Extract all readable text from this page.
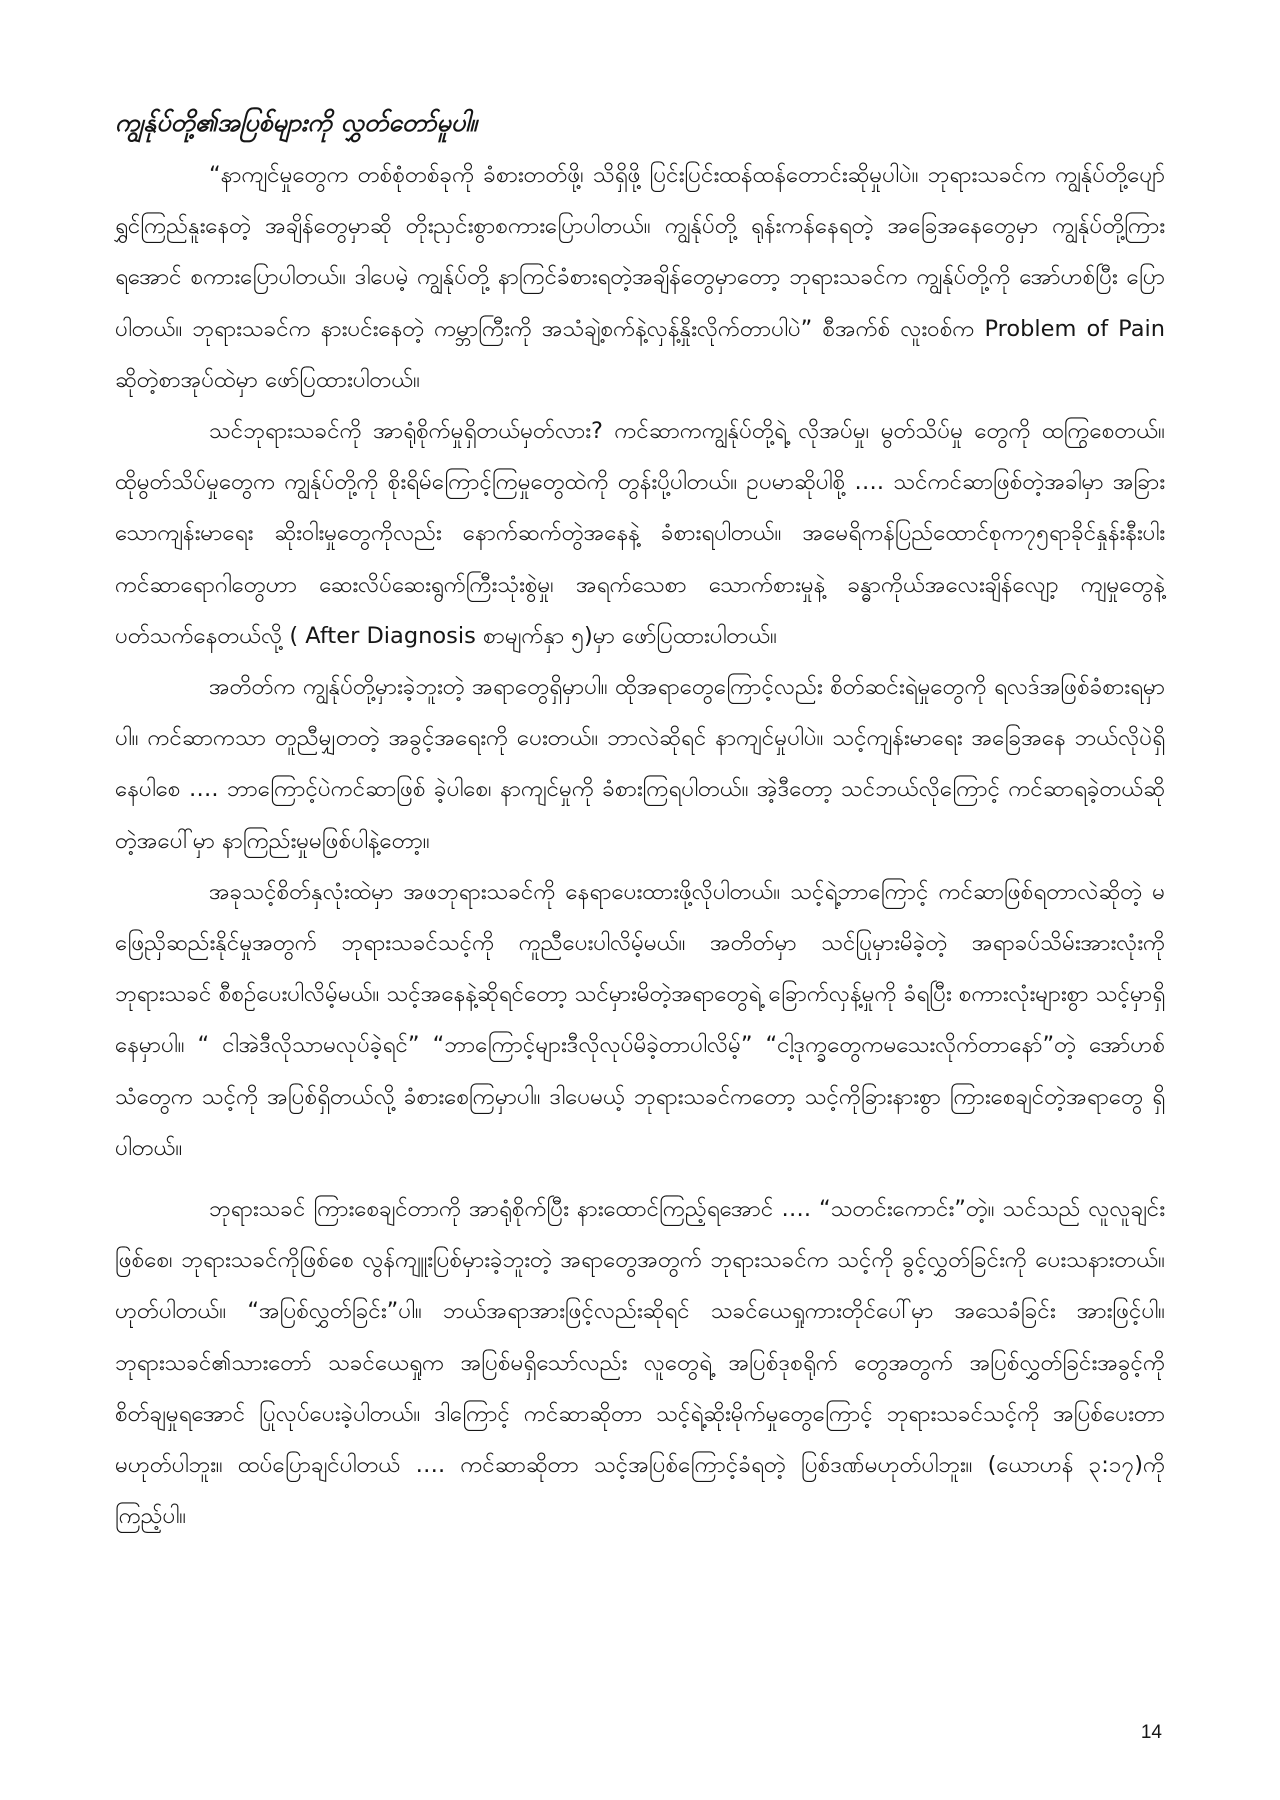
ကျွန်ုပ်တို့၏အပြစ်များကို လွှတ်တော်မူပါ။

“နာကျင်မှုတွေက တစ်စုံတစ်ခုကို ခံစားတတ်ဖို့၊ သိရှိဖို့ ပြင်းပြင်းထန်ထန်တောင်းဆိုမှုပါပဲ။ ဘုရားသခင်က ကျွန်ုပ်တို့ပျော်ရွှင်ကြည်နူးနေတဲ့ အချိန်တွေမှာဆို တိုးညှင်းစွာစကားပြောပါတယ်။ ကျွန်ုပ်တို့ ရုန်းကန်နေရတဲ့ အခြေအနေတွေမှာ ကျွန်ုပ်တို့ကြားရအောင် စကားပြောပါတယ်။ ဒါပေမဲ့ ကျွန်ုပ်တို့ နာကြင်ခံစားရတဲ့အချိန်တွေမှာတော့ ဘုရားသခင်က ကျွန်ုပ်တို့ကို အော်ဟစ်ပြီး ပြောပါတယ်။ ဘုရားသခင်က နားပင်းနေတဲ့ ကမ္ဘာကြီးကို အသံချဲ့စက်နဲ့လှန့်နှိုးလိုက်တာပါပဲ” စီအက်စ် လူးဝစ်က Problem of Pain ဆိုတဲ့စာအုပ်ထဲမှာ ဖော်ပြထားပါတယ်။

သင်ဘုရားသခင်ကို အာရုံစိုက်မှုရှိတယ်မှတ်လား? ကင်ဆာကကျွန်ုပ်တို့ရဲ့ လိုအပ်မှု၊ မွတ်သိပ်မှု တွေကို ထကြွစေတယ်။ ထိုမွတ်သိပ်မှုတွေက ကျွန်ုပ်တို့ကို စိုးရိမ်ကြောင့်ကြမှုတွေထဲကို တွန်းပို့ပါတယ်။ ဥပမာဆိုပါစို့ …. သင်ကင်ဆာဖြစ်တဲ့အခါမှာ အခြားသောကျန်းမာရေး ဆိုးဝါးမှုတွေကိုလည်း နောက်ဆက်တွဲအနေနဲ့ ခံစားရပါတယ်။ အမေရိကန်ပြည်ထောင်စုက၇၅ရာခိုင်နှုန်းနီးပါးကင်ဆာရောဂါတွေဟာ ဆေးလိပ်ဆေးရွက်ကြီးသုံးစွဲမှု၊ အရက်သေစာ သောက်စားမှုနဲ့ ခန္ဓာကိုယ်အလေးချိန်လျော့ ကျမှုတွေနဲ့ ပတ်သက်နေတယ်လို့ ( After Diagnosis စာမျက်နှာ ၅)မှာ ဖော်ပြထားပါတယ်။

အတိတ်က ကျွန်ုပ်တို့မှားခဲ့ဘူးတဲ့ အရာတွေရှိမှာပါ။ ထိုအရာတွေကြောင့်လည်း စိတ်ဆင်းရဲမှုတွေကို ရလဒ်အဖြစ်ခံစားရမှာပါ။ ကင်ဆာကသာ တူညီမျှတတဲ့ အခွင့်အရေးကို ပေးတယ်။ ဘာလဲဆိုရင် နာကျင်မှုပါပဲ။ သင့်ကျန်းမာရေး အခြေအနေ ဘယ်လိုပဲရှိနေပါစေ …. ဘာကြောင့်ပဲကင်ဆာဖြစ် ခဲ့ပါစေ၊ နာကျင်မှုကို ခံစားကြရပါတယ်။ အဲ့ဒီတော့ သင်ဘယ်လိုကြောင့် ကင်ဆာရခဲ့တယ်ဆိုတဲ့အပေါ်မှာ နာကြည်းမှုမဖြစ်ပါနဲ့တော့။

အခုသင့်စိတ်နှလုံးထဲမှာ အဖဘုရားသခင်ကို နေရာပေးထားဖို့လိုပါတယ်။ သင့်ရဲ့ဘာကြောင့် ကင်ဆာဖြစ်ရတာလဲဆိုတဲ့ မဖြေညှိဆည်းနိုင်မှုအတွက် ဘုရားသခင်သင့်ကို ကူညီပေးပါလိမ့်မယ်။ အတိတ်မှာ သင်ပြုမှားမိခဲ့တဲ့ အရာခပ်သိမ်းအားလုံးကို ဘုရားသခင် စီစဉ်ပေးပါလိမ့်မယ်။ သင့်အနေနဲ့ဆိုရင်တော့ သင်မှားမိတဲ့အရာတွေရဲ့ ခြောက်လှန့်မှုကို ခံရပြီး စကားလုံးများစွာ သင့်မှာရှိနေမှာပါ။ “ ငါအဲဒီလိုသာမလုပ်ခဲ့ရင်” “ဘာကြောင့်များဒီလိုလုပ်မိခဲ့တာပါလိမ့်” “ငါ့ဒုက္ခတွေကမသေးလိုက်တာနော်”တဲ့ အော်ဟစ်သံတွေက သင့်ကို အပြစ်ရှိတယ်လို့ ခံစားစေကြမှာပါ။ ဒါပေမယ့် ဘုရားသခင်ကတော့ သင့်ကိုခြားနားစွာ ကြားစေချင်တဲ့အရာတွေ ရှိပါတယ်။

ဘုရားသခင် ကြားစေချင်တာကို အာရုံစိုက်ပြီး နားထောင်ကြည့်ရအောင် …. “သတင်းကောင်း”တဲ့။ သင်သည် လူလူချင်းဖြစ်စေ၊ ဘုရားသခင်ကိုဖြစ်စေ လွန်ကျူးပြစ်မှားခဲ့ဘူးတဲ့ အရာတွေအတွက် ဘုရားသခင်က သင့်ကို ခွင့်လွှတ်ခြင်းကို ပေးသနားတယ်။ ဟုတ်ပါတယ်။ “အပြစ်လွှတ်ခြင်း”ပါ။ ဘယ်အရာအားဖြင့်လည်းဆိုရင် သခင်ယေရှုကားတိုင်ပေါ်မှာ အသေခံခြင်း အားဖြင့်ပါ။ ဘုရားသခင်၏သားတော် သခင်ယေရှုက အပြစ်မရှိသော်လည်း လူတွေရဲ့ အပြစ်ဒုစရိုက် တွေအတွက် အပြစ်လွှတ်ခြင်းအခွင့်ကို စိတ်ချမှုရအောင် ပြုလုပ်ပေးခဲ့ပါတယ်။ ဒါကြောင့် ကင်ဆာဆိုတာ သင့်ရဲ့ဆိုးမိုက်မှုတွေကြောင့် ဘုရားသခင်သင့်ကို အပြစ်ပေးတာမဟုတ်ပါဘူး။ ထပ်ပြောချင်ပါတယ် …. ကင်ဆာဆိုတာ သင့်အပြစ်ကြောင့်ခံရတဲ့ ပြစ်ဒဏ်မဟုတ်ပါဘူး။ (ယောဟန် ၃:၁၇)ကို ကြည့်ပါ။

14
